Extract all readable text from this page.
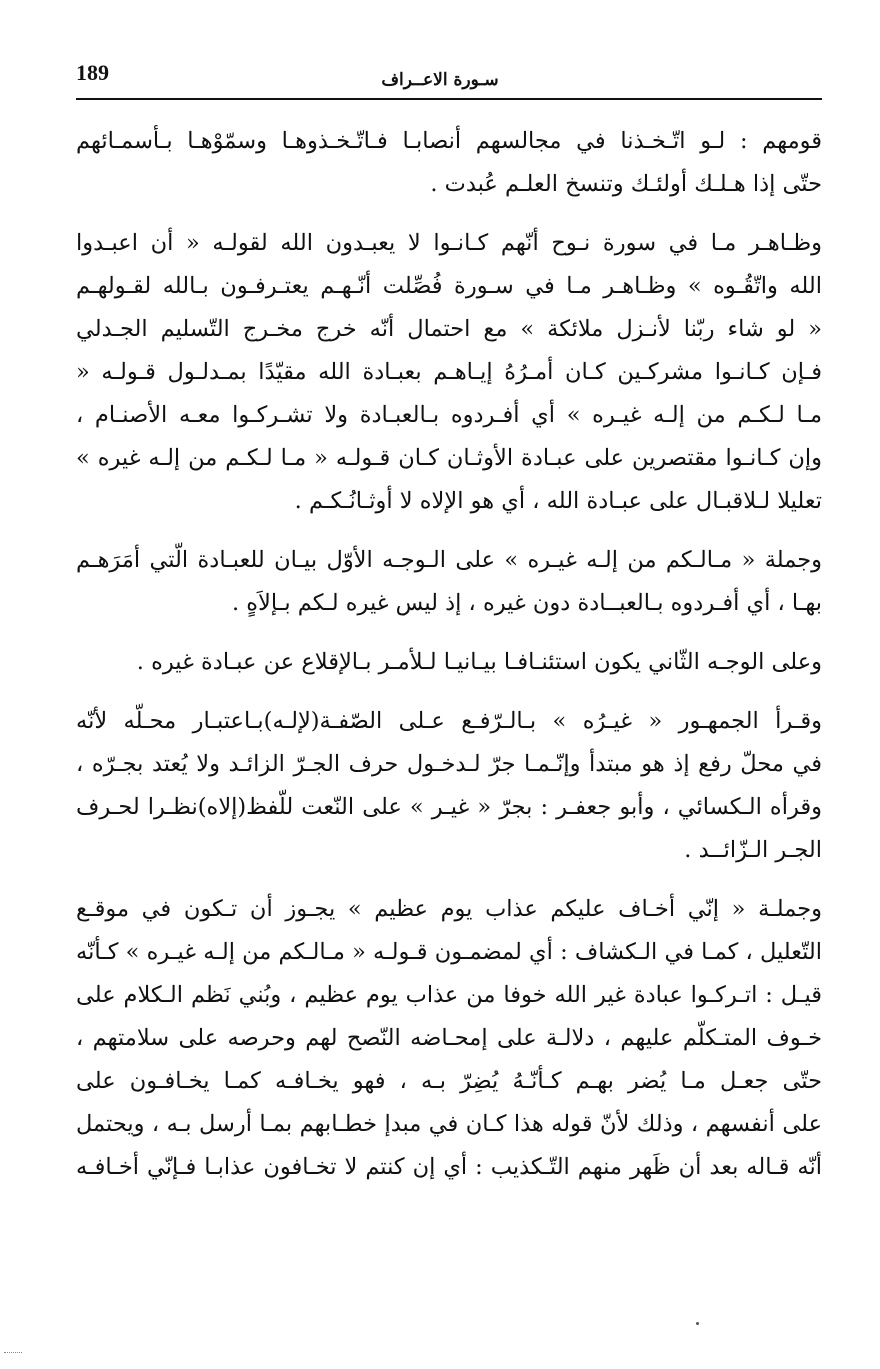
189	سـورة الاعــراف
قومهم : لـو اتّـخـذنا في مجالسهم أنصابـا فـاتّـخـذوهـا وسمّوْهـا بـأسمـائهم
حتّى إذا هـلـك أولئـك وتنسخ العلـم عُبدت .
وظـاهـر مـا في سورة نـوح أنّهم كـانـوا لا يعبـدون الله لقولـه « أن اعبـدوا
الله واتّقُـوه » وظـاهـر مـا في سـورة فُصِّلت أنّـهـم يعتـرفـون بـالله لقـولهـم
« لو شاء ربّنا لأنـزل ملائكة » مع احتمال أنّه خرج مخـرج التّسليم الجـدلي
فـإن كـانـوا مشركـين كـان أمـرُهُ إيـاهـم بعبـادة الله مقيّدًا بمـدلـول قـولـه «
مـا لـكـم من إلـه غيـره » أي أفـردوه بـالعبـادة ولا تشـركـوا معـه الأصنـام ،
وإن كـانـوا مقتصرين على عبـادة الأوثـان كـان قـولـه « مـا لـكـم من إلـه غيره »
تعليلا لـلاقبـال على عبـادة الله ، أي هو الإلاه لا أوثـانُـكـم .
وجملة « مـالـكم من إلـه غيـره » على الـوجـه الأوّل بيـان للعبـادة الّتي أمَرَهـم
بهـا ، أي أفـردوه بـالعبــادة دون غيره ، إذ ليس غيره لـكم بـإلاَهٍ .
وعلى الوجـه الثّاني يكون استئنـافـا بيـانيـا لـلأمـر بـالإقلاع عن عبـادة غيره .
وقـرأ الجمهـور « غيـرُه » بـالـرّفـع عـلى الصّفـة(لإلـه)بـاعتبـار محـلّه لأنّه
في محلّ رفع إذ هو مبتدأ وإنّـمـا جرّ لـدخـول حرف الجـرّ الزائـد ولا يُعتد بجـرّه ،
وقرأه الـكسائي ، وأبو جعفـر : بجرّ « غيـر » على النّعت للّفظ(إلاه)نظـرا لحـرف
الجـر الـزّائــد .
وجملـة « إنّي أخـاف عليكم عذاب يوم عظيم » يجـوز أن تـكون في موقـع
التّعليل ، كمـا في الـكشاف : أي لمضمـون قـولـه « مـالـكم من إلـه غيـره » كـأنّه
قيـل : اتـركـوا عبادة غير الله خوفا من عذاب يوم عظيم ، وبُني نَظم الـكلام على
خـوف المتـكلّم عليهم ، دلالـة على إمحـاضه النّصح لهم وحرصه على سلامتهم ،
حتّى جعـل مـا يُضر بهـم كـأنّـهُ يُضِرّ بـه ، فهو يخـافـه كمـا يخـافـون على
على أنفسهم ، وذلك لأنّ قوله هذا كـان في مبدإ خطـابهم بمـا أرسل بـه ، ويحتمل
أنّه قـاله بعد أن ظَهر منهم التّـكذيب : أي إن كنتم لا تخـافون عذابـا فـإنّي أخـافـه
